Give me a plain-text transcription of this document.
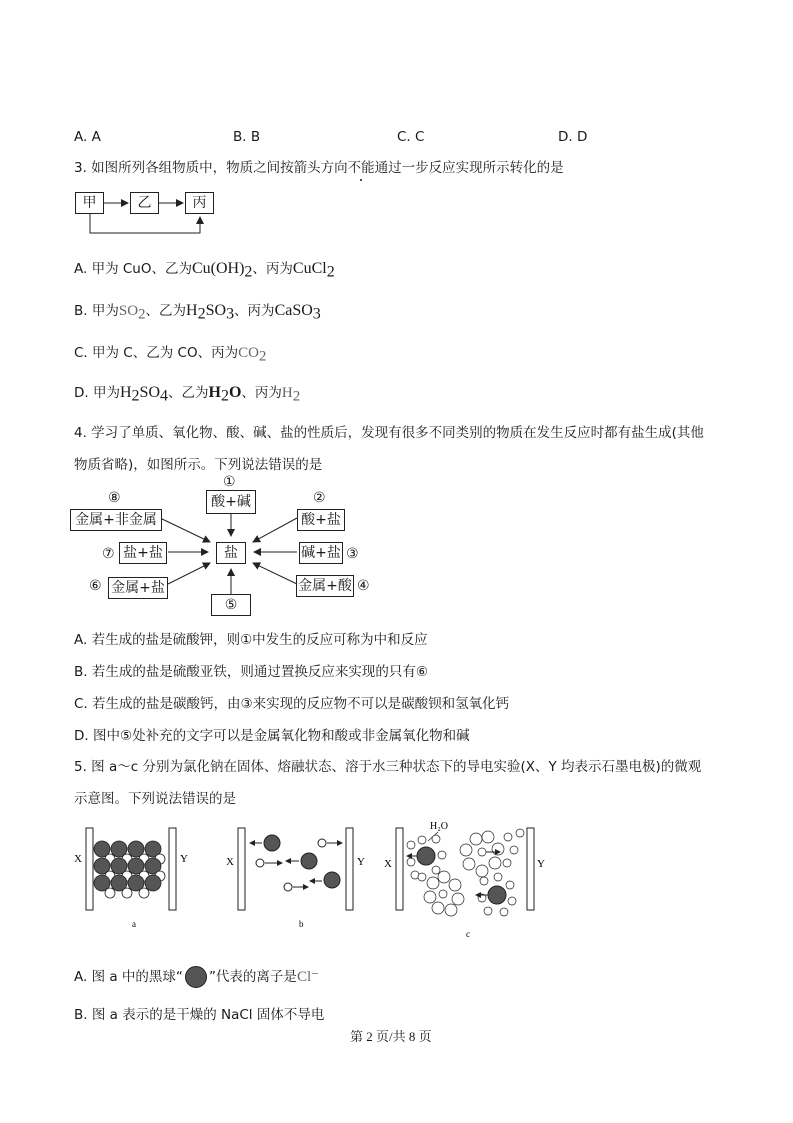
A. A	B. B	C. C	D. D
3. 如图所列各组物质中，物质之间按箭头方向不能通过一步反应实现所示转化的是
甲	乙	丙
A. 甲为 CuO、乙为$Cu(OH)_2$、丙为CuCl$_2$
B. 甲为$SO_2$、乙为$H_2SO_3$、丙为CaSO$_3$
C. 甲为 C、乙为 CO、丙为$CO_2$
D. 甲为$H_2SO_4$、乙为$H_2O$、丙为$H_2$
4. 学习了单质、氧化物、酸、碱、盐的性质后，发现有很多不同类别的物质在发生反应时都有盐生成(其他
物质省略)，如图所示。下列说法错误的是
①
酸+碱	②
酸+盐
碱+盐 ③
金属+酸 ④
盐
⑤
⑥ 金属+盐
⑦ 盐+盐
⑧
金属+非金属
A. 若生成的盐是硫酸钾，则①中发生的反应可称为中和反应
B. 若生成的盐是硫酸亚铁，则通过置换反应来实现的只有⑥
C. 若生成的盐是碳酸钙，由③来实现的反应物不可以是碳酸钡和氢氧化钙
D. 图中⑤处补充的文字可以是金属氧化物和酸或非金属氧化物和碱
5. 图 a～c 分别为氯化钠在固体、熔融状态、溶于水三种状态下的导电实验(X、Y 均表示石墨电极)的微观
示意图。下列说法错误的是
X	Y
a
X	Y
b
X	Y
H₂O
c
A. 图 a 中的黑球“ ”代表的离子是Cl⁻
B. 图 a 表示的是干燥的 NaCl 固体不导电
第 2 页/共 8 页
